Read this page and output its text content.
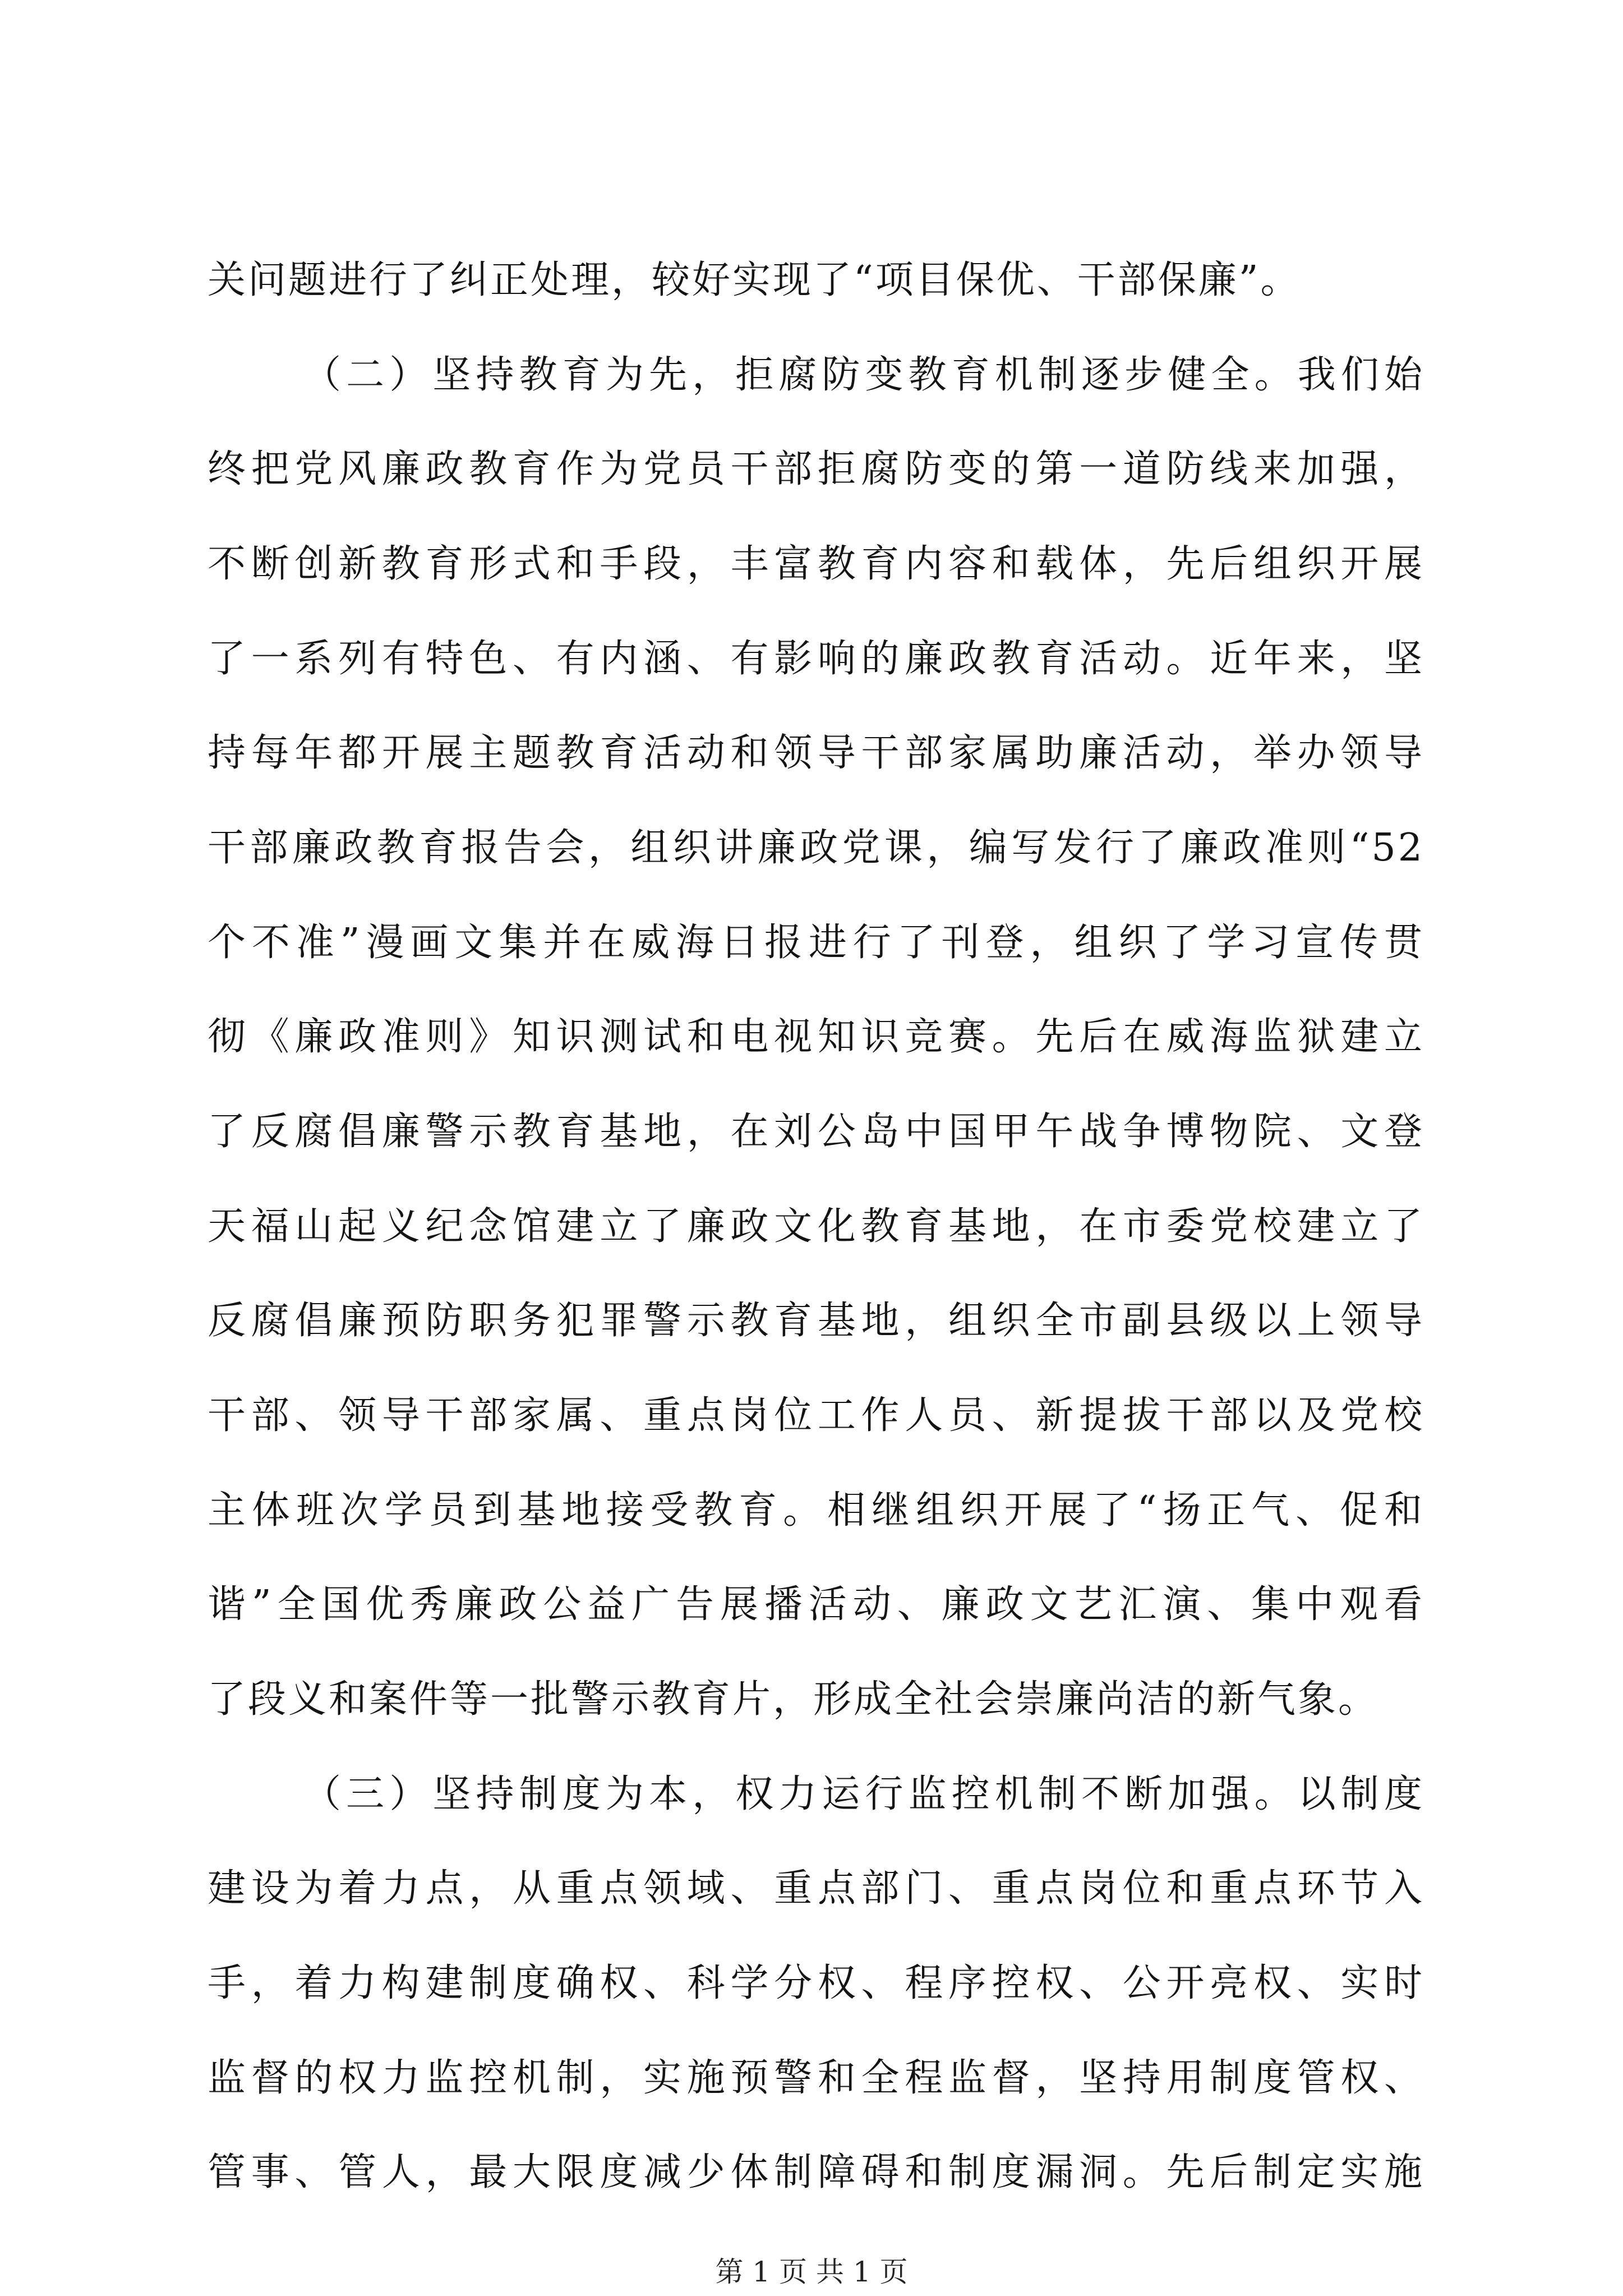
关问题进行了纠正处理，较好实现了“项目保优、干部保廉”。
（二）坚持教育为先，拒腐防变教育机制逐步健全。我们始
终把党风廉政教育作为党员干部拒腐防变的第一道防线来加强，
不断创新教育形式和手段，丰富教育内容和载体，先后组织开展
了一系列有特色、有内涵、有影响的廉政教育活动。近年来，坚
持每年都开展主题教育活动和领导干部家属助廉活动，举办领导
干部廉政教育报告会，组织讲廉政党课，编写发行了廉政准则“52
个不准”漫画文集并在威海日报进行了刊登，组织了学习宣传贯
彻《廉政准则》知识测试和电视知识竞赛。先后在威海监狱建立
了反腐倡廉警示教育基地，在刘公岛中国甲午战争博物院、文登
天福山起义纪念馆建立了廉政文化教育基地，在市委党校建立了
反腐倡廉预防职务犯罪警示教育基地，组织全市副县级以上领导
干部、领导干部家属、重点岗位工作人员、新提拔干部以及党校
主体班次学员到基地接受教育。相继组织开展了“扬正气、促和
谐”全国优秀廉政公益广告展播活动、廉政文艺汇演、集中观看
了段义和案件等一批警示教育片，形成全社会崇廉尚洁的新气象。
（三）坚持制度为本，权力运行监控机制不断加强。以制度
建设为着力点，从重点领域、重点部门、重点岗位和重点环节入
手，着力构建制度确权、科学分权、程序控权、公开亮权、实时
监督的权力监控机制，实施预警和全程监督，坚持用制度管权、
管事、管人，最大限度减少体制障碍和制度漏洞。先后制定实施
第 1 页 共 1 页
